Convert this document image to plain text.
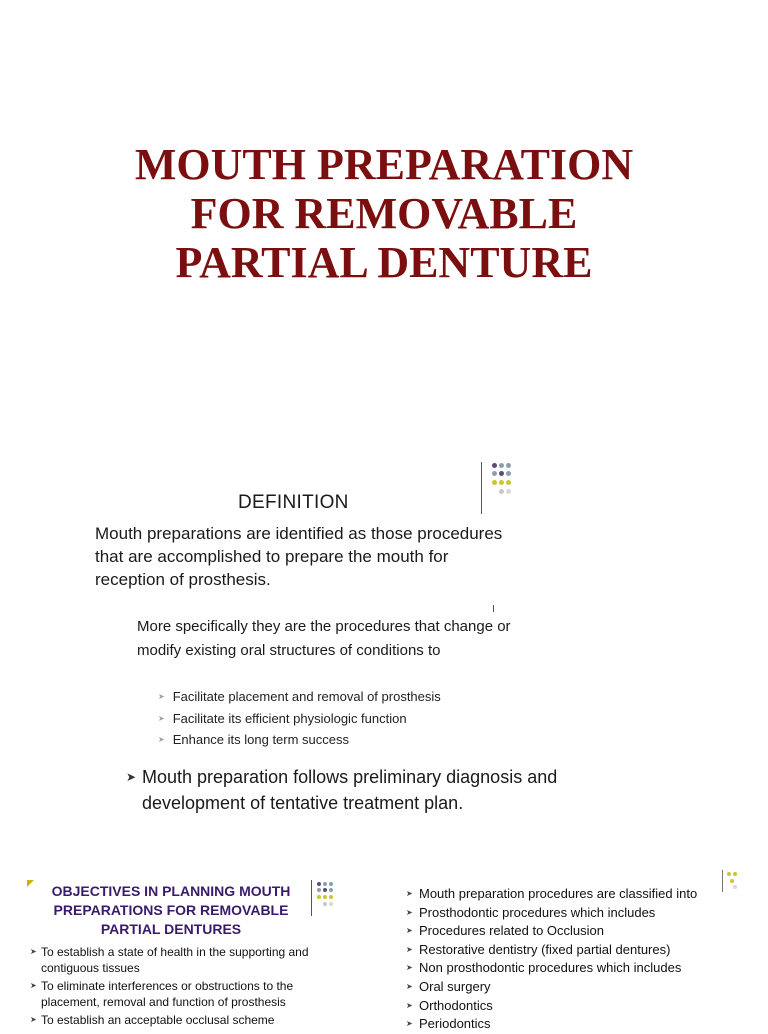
MOUTH PREPARATION
FOR REMOVABLE
PARTIAL DENTURE
DEFINITION
Mouth preparations are identified as those procedures that are accomplished to prepare the mouth for reception of prosthesis.
More specifically they are the procedures that change or modify existing oral structures of conditions to
➤ Facilitate placement and removal of prosthesis
➤ Facilitate its efficient physiologic function
➤ Enhance its long term success
➤ Mouth preparation follows preliminary diagnosis and development of tentative treatment plan.
OBJECTIVES IN PLANNING MOUTH PREPARATIONS FOR REMOVABLE PARTIAL DENTURES
➤ To establish a state of health in the supporting and contiguous tissues
➤ To eliminate interferences or obstructions to the placement, removal and function of prosthesis
➤ To establish an acceptable occlusal scheme
➤ Mouth preparation procedures are classified into
➤ Prosthodontic procedures which includes
➤ Procedures related to Occlusion
➤ Restorative dentistry (fixed partial dentures)
➤ Non prosthodontic procedures which includes
➤ Oral surgery
➤ Orthodontics
➤ Periodontics
